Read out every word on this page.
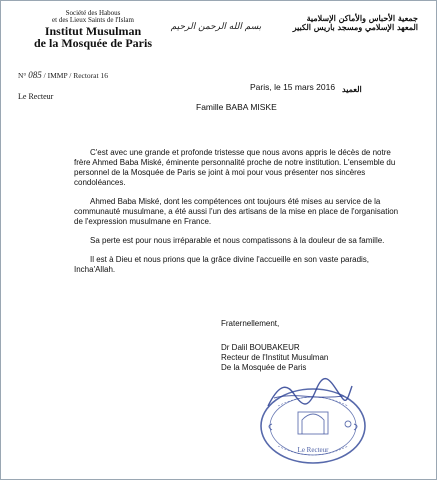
Société des Habous
et des Lieux Saints de l'Islam
Institut Musulman
de la Mosquée de Paris
بسم الله الرحمن الرحيم
جمعية الأحباس والأماكن الإسلامية
المعهد الإسلامي ومسجد باريس الكبير
N° 085 / IMMP / Rectorat 16
Le Recteur
Paris, le 15 mars 2016 العميد
Famille BABA MISKE

C'est avec une grande et profonde tristesse que nous avons appris le décès de notre frère Ahmed Baba Miské, éminente personnalité proche de notre institution. L'ensemble du personnel de la Mosquée de Paris se joint à moi pour vous présenter nos sincères condoléances.

Ahmed Baba Miské, dont les compétences ont toujours été mises au service de la communauté musulmane, a été aussi l'un des artisans de la mise en place de l'organisation de l'expression musulmane en France.

Sa perte est pour nous irréparable et nous compatissons à la douleur de sa famille.

Il est à Dieu et nous prions que la grâce divine l'accueille en son vaste paradis, Incha'Allah.

Fraternellement,
Dr Dalil BOUBAKEUR
Recteur de l'Institut Musulman
De la Mosquée de Paris
Le Recteur
